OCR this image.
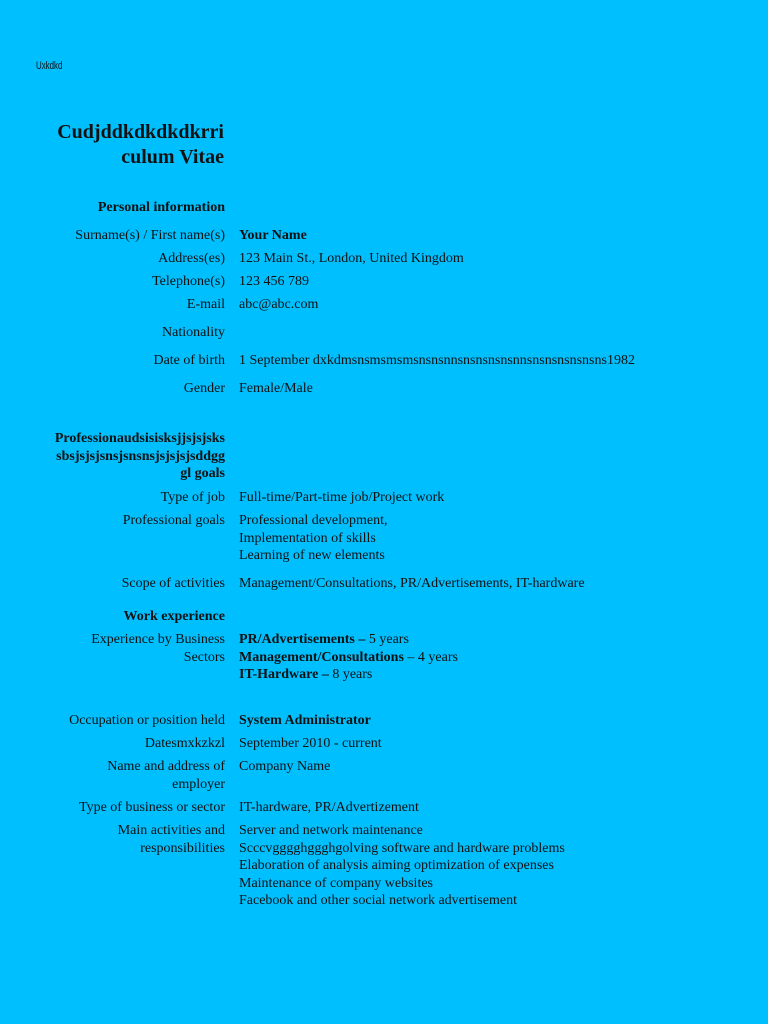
Uxkdkd
Cudjddkdkdkdkrri
culum Vitae
Personal information
Surname(s) / First name(s) Your Name
Address(es) 123 Main St., London, United Kingdom
Telephone(s) 123 456 789
E-mail abc@abc.com
Nationality
Date of birth 1 September dxkdmsnsmsmsmsnsnsnnsnsnsnsnsnnsnsnsnsnsnsns1982
Gender Female/Male
Professionaudsisisksjjsjsjsks
sbsjsjsjsnsjsnsnsjsjsjsjsddgg
gl goals
Type of job Full-time/Part-time job/Project work
Professional goals Professional development,
Implementation of skills
Learning of new elements
Scope of activities Management/Consultations, PR/Advertisements, IT-hardware
Work experience
Experience by Business
Sectors
PR/Advertisements – 5 years
Management/Consultations – 4 years
IT-Hardware – 8 years
Occupation or position held System Administrator
Datesmxkzkzl September 2010 - current
Name and address of
employer
Company Name
Type of business or sector IT-hardware, PR/Advertizement
Main activities and
responsibilities
Server and network maintenance
Scccvgggghggghgolving software and hardware problems
Elaboration of analysis aiming optimization of expenses
Maintenance of company websites
Facebook and other social network advertisement
